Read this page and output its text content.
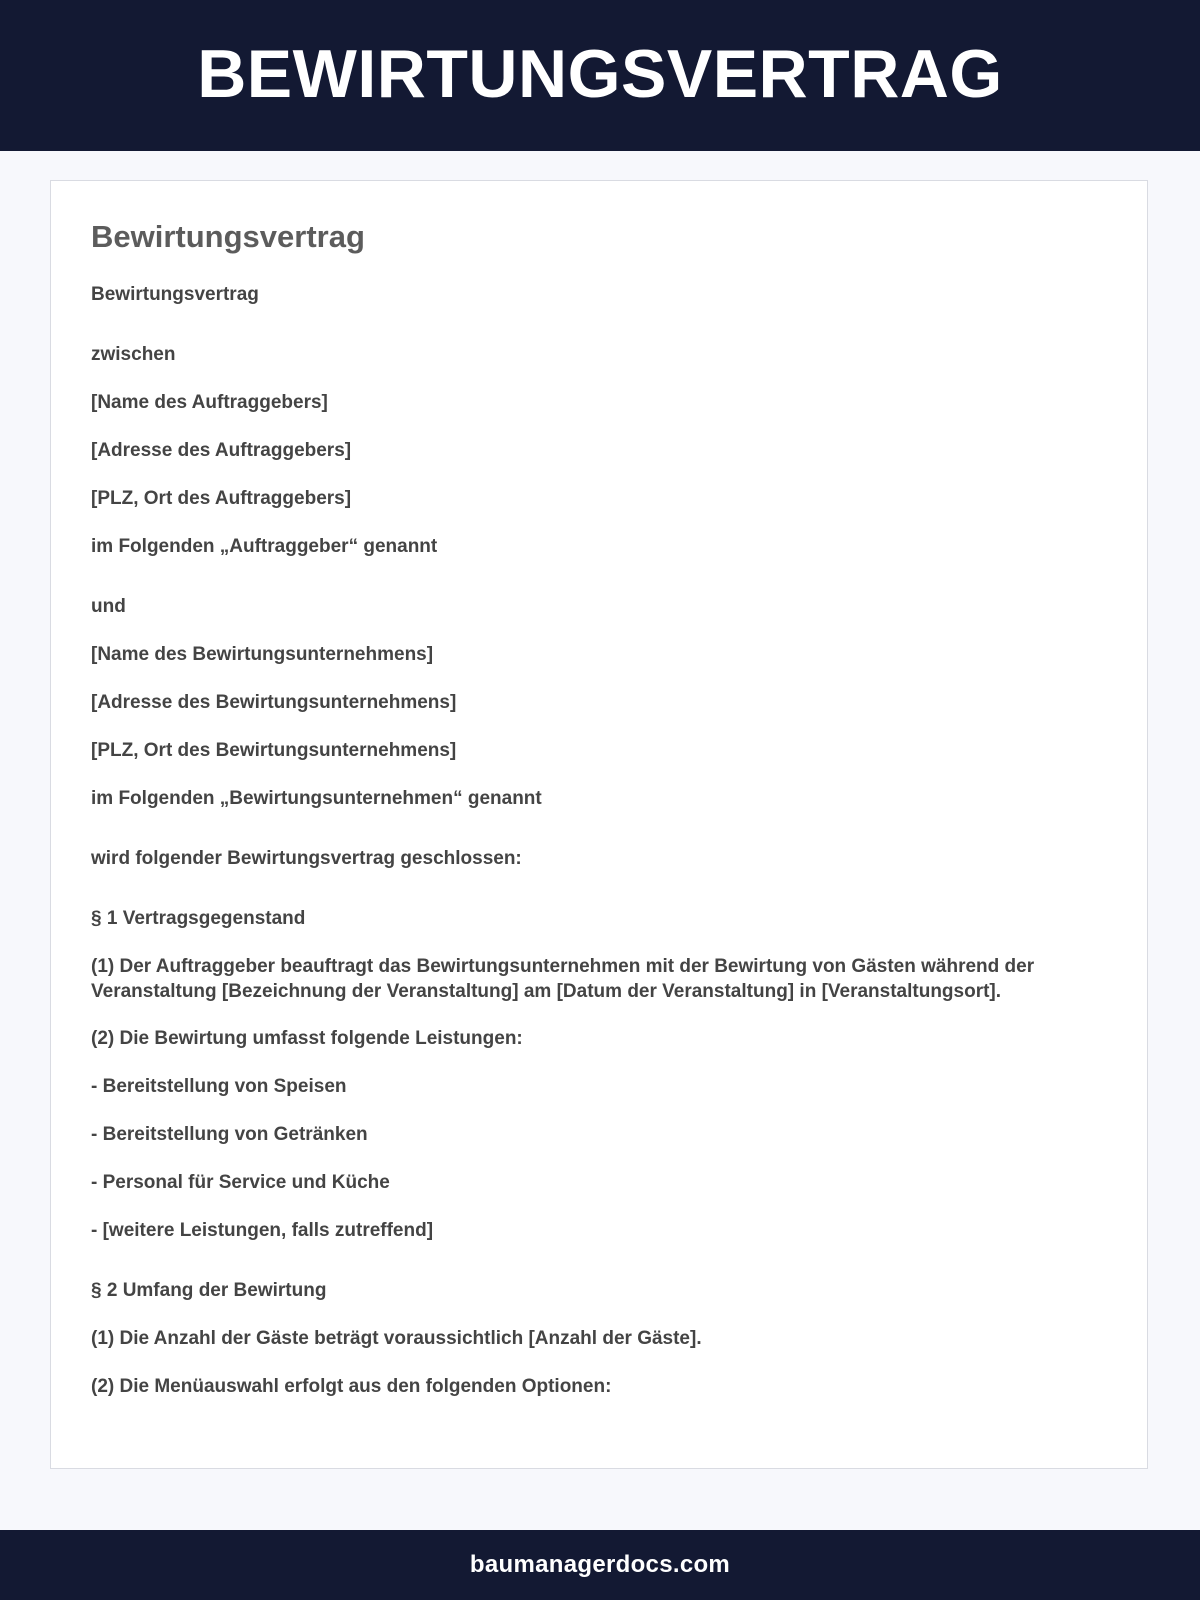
BEWIRTUNGSVERTRAG
Bewirtungsvertrag

Bewirtungsvertrag

zwischen

[Name des Auftraggebers]

[Adresse des Auftraggebers]

[PLZ, Ort des Auftraggebers]

im Folgenden „Auftraggeber“ genannt

und

[Name des Bewirtungsunternehmens]

[Adresse des Bewirtungsunternehmens]

[PLZ, Ort des Bewirtungsunternehmens]

im Folgenden „Bewirtungsunternehmen“ genannt

wird folgender Bewirtungsvertrag geschlossen:

§ 1 Vertragsgegenstand

(1) Der Auftraggeber beauftragt das Bewirtungsunternehmen mit der Bewirtung von Gästen während der Veranstaltung [Bezeichnung der Veranstaltung] am [Datum der Veranstaltung] in [Veranstaltungsort].

(2) Die Bewirtung umfasst folgende Leistungen:

- Bereitstellung von Speisen

- Bereitstellung von Getränken

- Personal für Service und Küche

- [weitere Leistungen, falls zutreffend]

§ 2 Umfang der Bewirtung

(1) Die Anzahl der Gäste beträgt voraussichtlich [Anzahl der Gäste].

(2) Die Menüauswahl erfolgt aus den folgenden Optionen:

baumanagerdocs.com
